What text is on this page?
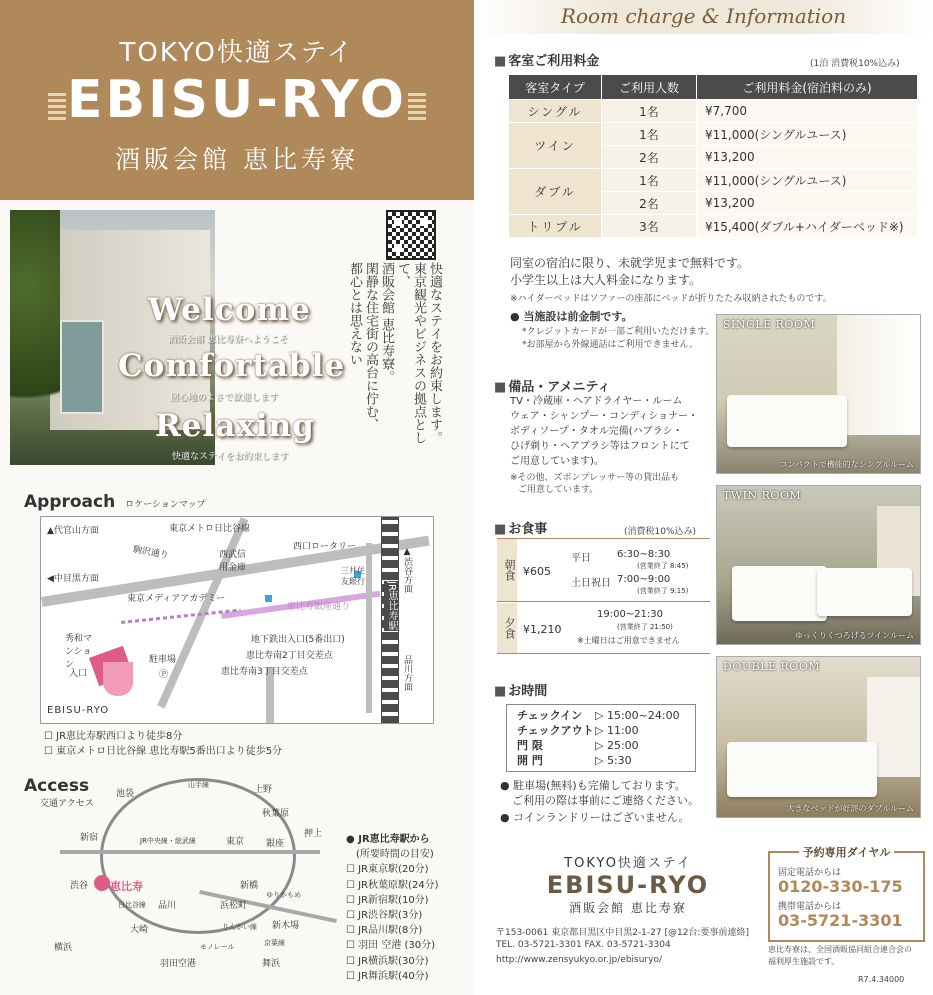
TOKYO快適ステイ
EBISU-RYO
酒販会館 恵比寿寮
Welcome
酒販会館 恵比寿寮へようこそ
Comfortable
居心地のよさで歓迎します
Relaxing
快適なステイをお約束します
快適なステイをお約束します。
東京観光やビジネスの拠点として、
酒販会館 恵比寿寮。
閑静な住宅街の高台に佇む、
都心とは思えない
Approach ロケーションマップ
▲代官山方面	東京メトロ日比谷線
駒沢通り	西武信用金庫
西口ロータリー
三井住友銀行
◀中目黒方面
東京メディアアカデミー
恵比寿銀座通り
▲渋谷方面
JR恵比寿駅
品川方面
地下鉄出入口(5番出口)
恵比寿南2丁目交差点
恵比寿南3丁目交差点
駐車場
Ⓟ
入口
秀和マンション
EBISU-RYO
☐ JR恵比寿駅西口より徒歩8分
☐ 東京メトロ日比谷線 恵比寿駅5番出口より徒歩5分
Access
交通アクセス
池袋	上野
山手線
秋葉原
新宿	JR中央線・総武線	東京 銀座
押上
渋谷 恵比寿
日比谷線
新橋
ゆりかもめ
品川	浜松町
大崎	りんかい線 新木場
モノレール	京葉線
横浜
羽田空港	舞浜
● JR恵比寿駅から
(所要時間の目安)
☐ JR東京駅(20分)
☐ JR秋葉原駅(24分)
☐ JR新宿駅(10分)
☐ JR渋谷駅(3分)
☐ JR品川駅(8分)
☐ 羽田 空港 (30分)
☐ JR横浜駅(30分)
☐ JR舞浜駅(40分)
Room charge & Information
■ 客室ご利用料金	(1泊 消費税10%込み)
客室タイプ	ご利用人数	ご利用料金(宿泊料のみ)
シングル	1名	¥7,700
ツイン	1名	¥11,000(シングルユース)
	2名	¥13,200
ダブル	1名	¥11,000(シングルユース)
	2名	¥13,200
トリプル	3名	¥15,400(ダブル+ハイダーベッド※)
同室の宿泊に限り、未就学児まで無料です。
小学生以上は大人料金になります。
※ハイダーベッドはソファーの座部にベッドが折りたたみ収納されたものです。
● 当施設は前金制です。
*クレジットカードが一部ご利用いただけます。
*お部屋から外線通話はご利用できません。
SINGLE ROOM
コンパクトで機能的なシングルルーム
TWIN ROOM
ゆっくりくつろげるツインルーム
DOUBLE ROOM
大きなベッドが好評のダブルルーム
■ 備品・アメニティ
TV・冷蔵庫・ヘアドライヤー・ルーム
ウェア・シャンプー・コンディショナー・
ボディソープ・タオル完備(ハブラシ・
ひげ剃り・ヘアブラシ等はフロントにて
ご用意しています)。
※その他、ズボンプレッサー等の貸出品も
ご用意しています。
■ お食事	(消費税10%込み)
朝食 ¥605
平日	6:30~8:30
(営業終了 8:45)
土日祝日 7:00~9:00
(営業終了 9:15)
夕食 ¥1,210
19:00~21:30
(営業終了 21:50)
※土曜日はご用意できません
■ お時間
チェックイン ▷ 15:00~24:00
チェックアウト ▷ 11:00
門 限	▷ 25:00
開 門	▷ 5:30
● 駐車場(無料)も完備しております。
ご利用の際は事前にご連絡ください。
● コインランドリーはございません。
TOKYO快適ステイ
EBISU-RYO
酒販会館 恵比寿寮
〒153-0061 東京都目黒区中目黒2-1-27 [@12台:要事前連絡]
TEL. 03-5721-3301 FAX. 03-5721-3304
http://www.zensyukyo.or.jp/ebisuryo/
予約専用ダイヤル
固定電話からは
0120-330-175
携帯電話からは
03-5721-3301
恵比寿寮は、全国酒販協同組合連合会の
福利厚生施設です。
R7.4.34000
